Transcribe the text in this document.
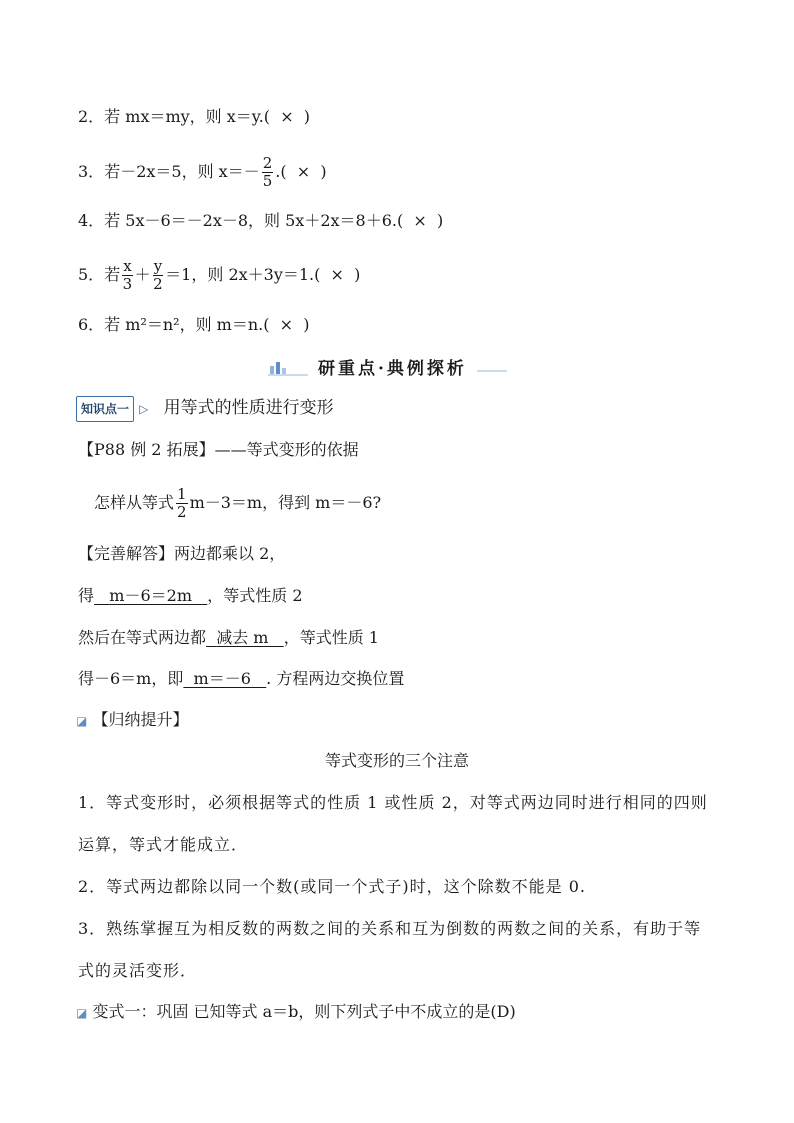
2．若 mx＝my，则 x＝y.( × )
3．若－2x＝5，则 $x=- \frac{2}{5}$ .( × )
4．若 5x－6＝－2x－8，则 5x＋2x＝8＋6.( × )
5．若 $\frac{x}{3} + \frac{y}{2} =1$，则 2x＋3y＝1.( × )
6．若 m²＝n²，则 m＝n.( × )
研重点·典例探析
知识点一 ▷ 用等式的性质进行变形
【P88 例 2 拓展】——等式变形的依据
怎样从等式 $\frac{1}{2} m-3=m$，得到 m＝－6?
【完善解答】两边都乘以 2，
得 m－6＝2m ，等式性质 2
然后在等式两边都 减去 m ，等式性质 1
得－6＝m，即 m＝－6 . 方程两边交换位置
◪ 【归纳提升】
等式变形的三个注意
1．等式变形时，必须根据等式的性质 1 或性质 2，对等式两边同时进行相同的四则运算，等式才能成立．
2．等式两边都除以同一个数(或同一个式子)时，这个除数不能是 0.
3．熟练掌握互为相反数的两数之间的关系和互为倒数的两数之间的关系，有助于等式的灵活变形．
◪ 变式一：巩固 已知等式 a＝b，则下列式子中不成立的是(D)
